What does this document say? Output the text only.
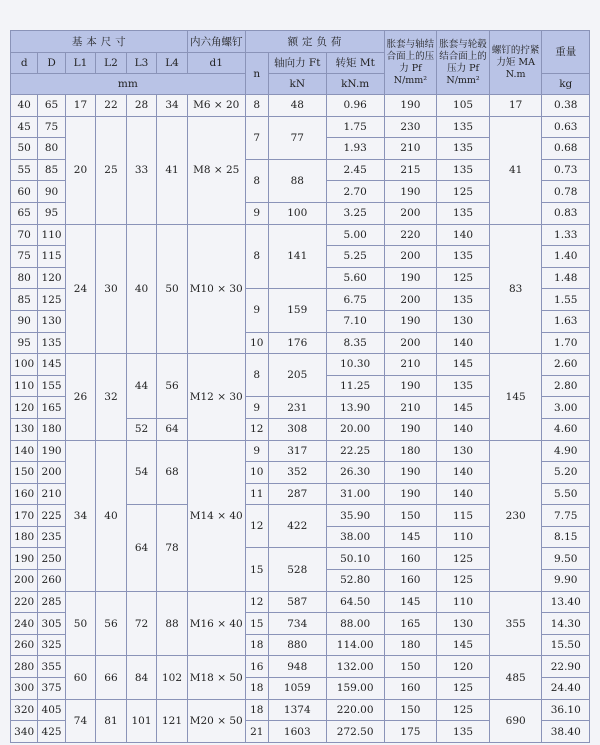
基 本 尺 寸						内六角螺钉	额 定 负 荷			胀套与轴结合面上的压力 Pf N/mm²	胀套与轮毂结合面上的压力 Pf N/mm²	螺钉的拧紧力矩 MA N.m	重量
d	D	L1	L2	L3	L4	d1	n	轴向力 Ft	转矩 Mt				
mm								kN	kN.m				kg
40	65	17	22	28	34	M6 × 20	8	48	0.96	190	105	17	0.38
45	75	20	25	33	41	M8 × 25	7	77	1.75	230	135	41	0.63
50	80								1.93	210	135		0.68
55	85						8	88	2.45	215	135		0.73
60	90								2.70	190	125		0.78
65	95						9	100	3.25	200	135		0.83
70	110	24	30	40	50	M10 × 30	8	141	5.00	220	140	83	1.33
75	115								5.25	200	135		1.40
80	120								5.60	190	125		1.48
85	125						9	159	6.75	200	135		1.55
90	130								7.10	190	130		1.63
95	135						10	176	8.35	200	140		1.70
100	145	26	32	44	56	M12 × 30	8	205	10.30	210	145	145	2.60
110	155								11.25	190	135		2.80
120	165						9	231	13.90	210	145		3.00
130	180			52	64		12	308	20.00	190	140		4.60
140	190	34	40	54	68	M14 × 40	9	317	22.25	180	130	230	4.90
150	200						10	352	26.30	190	140		5.20
160	210						11	287	31.00	190	140		5.50
170	225			64	78		12	422	35.90	150	115		7.75
180	235								38.00	145	110		8.15
190	250						15	528	50.10	160	125		9.50
200	260								52.80	160	125		9.90
220	285	50	56	72	88	M16 × 40	12	587	64.50	145	110	355	13.40
240	305						15	734	88.00	165	130		14.30
260	325						18	880	114.00	180	145		15.50
280	355	60	66	84	102	M18 × 50	16	948	132.00	150	120	485	22.90
300	375						18	1059	159.00	160	125		24.40
320	405	74	81	101	121	M20 × 50	18	1374	220.00	150	125	690	36.10
340	425						21	1603	272.50	175	135		38.40
